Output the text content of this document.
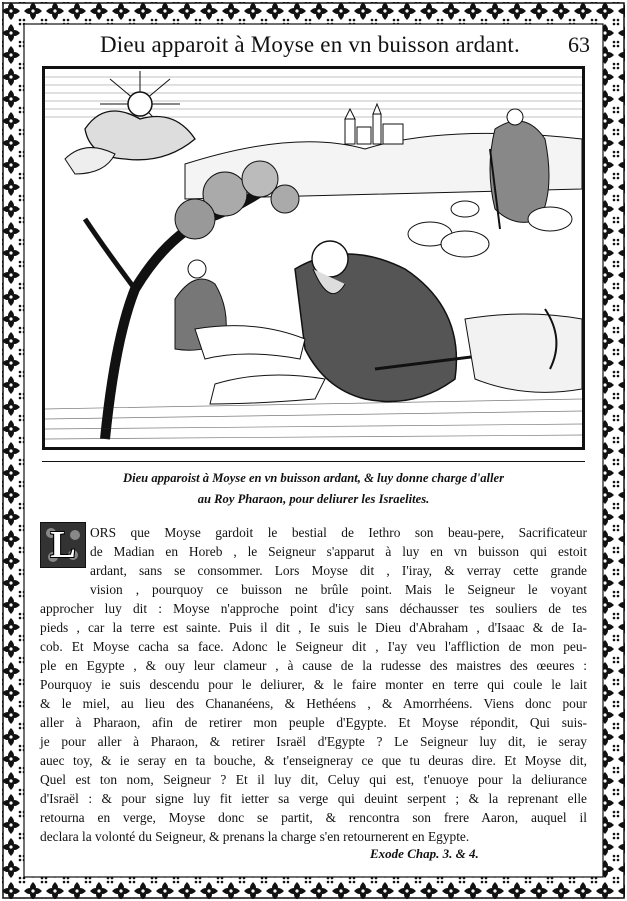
Dieu apparoit à Moyse en vn buisson ardant. 63
Dieu apparoist à Moyse en vn buisson ardant, & luy donne charge d'aller
au Roy Pharaon, pour deliurer les Israelites.
L	ORS que Moyse gardoit le bestial de Iethro son beau-pere, Sacrificateur
de Madian en Horeb , le Seigneur s'apparut à luy en vn buisson qui estoit
ardant, sans se consommer. Lors Moyse dit , I'iray, & verray cette grande
vision , pourquoy ce buisson ne brûle point. Mais le Seigneur le voyant
approcher luy dit : Moyse n'approche point d'icy sans déchausser tes souliers de tes
pieds , car la terre est sainte. Puis il dit , Ie suis le Dieu d'Abraham , d'Isaac & de Ia-
cob. Et Moyse cacha sa face. Adonc le Seigneur dit , I'ay veu l'affliction de mon peu-
ple en Egypte , & ouy leur clameur , à cause de la rudesse des maistres des œeures :
Pourquoy ie suis descendu pour le deliurer, & le faire monter en terre qui coule le lait
& le miel, au lieu des Chananéens, & Hethéens , & Amorrhéens. Viens donc pour
aller à Pharaon, afin de retirer mon peuple d'Egypte. Et Moyse répondit, Qui suis-
je pour aller à Pharaon, & retirer Israël d'Egypte ? Le Seigneur luy dit, ie seray
auec toy, & ie seray en ta bouche, & t'enseigneray ce que tu deuras dire. Et Moyse dit,
Quel est ton nom, Seigneur ? Et il luy dit, Celuy qui est, t'enuoye pour la deliurance
d'Israël : & pour signe luy fit ietter sa verge qui deuint serpent ; & la reprenant elle
retourna en verge, Moyse donc se partit, & rencontra son frere Aaron, auquel il
declara la volonté du Seigneur, & prenans la charge s'en retournerent en Egypte.
Exode Chap. 3. & 4.
